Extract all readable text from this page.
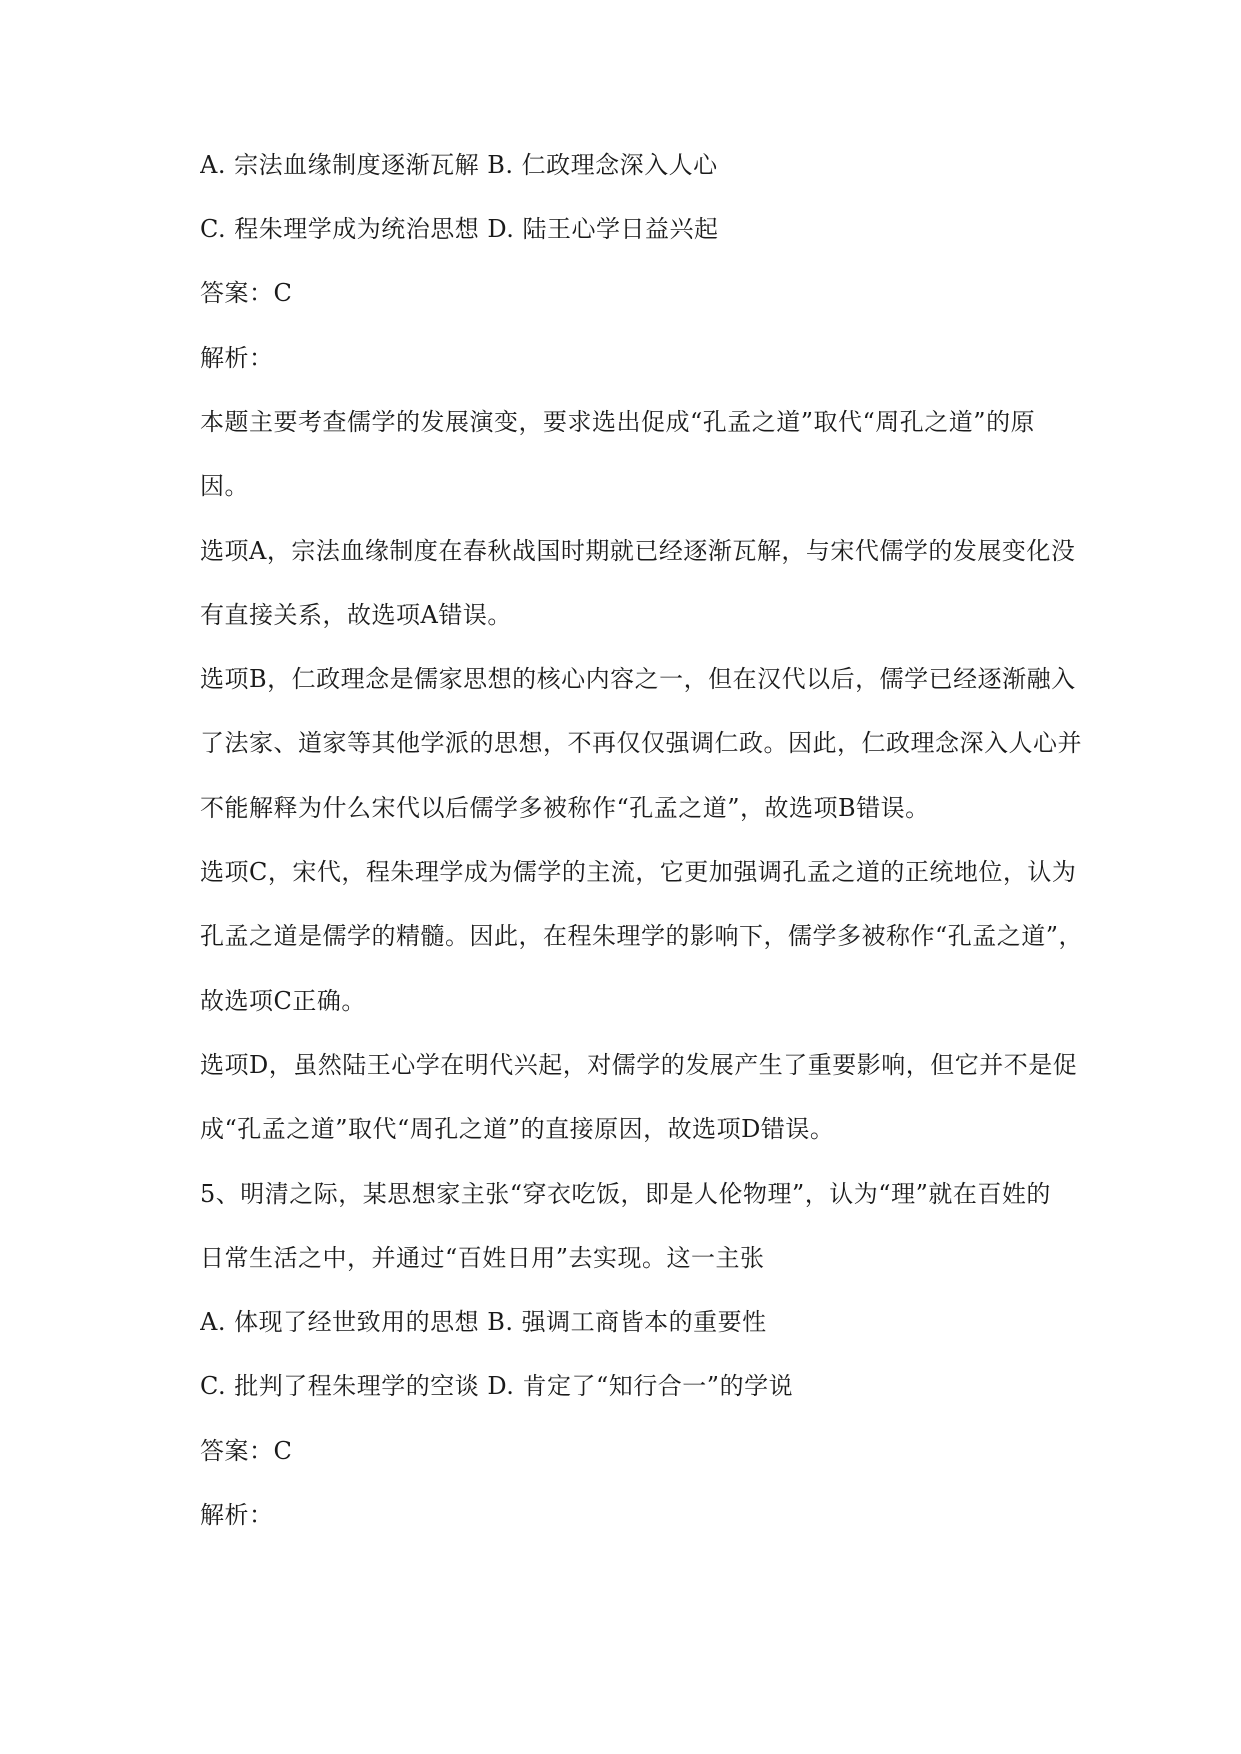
A. 宗法血缘制度逐渐瓦解 B. 仁政理念深入人心
C. 程朱理学成为统治思想 D. 陆王心学日益兴起
答案：C
解析：
本题主要考查儒学的发展演变，要求选出促成“孔孟之道”取代“周孔之道”的原
因。
选项A，宗法血缘制度在春秋战国时期就已经逐渐瓦解，与宋代儒学的发展变化没
有直接关系，故选项A错误。
选项B，仁政理念是儒家思想的核心内容之一，但在汉代以后，儒学已经逐渐融入
了法家、道家等其他学派的思想，不再仅仅强调仁政。因此，仁政理念深入人心并
不能解释为什么宋代以后儒学多被称作“孔孟之道”，故选项B错误。
选项C，宋代，程朱理学成为儒学的主流，它更加强调孔孟之道的正统地位，认为
孔孟之道是儒学的精髓。因此，在程朱理学的影响下，儒学多被称作“孔孟之道”，
故选项C正确。
选项D，虽然陆王心学在明代兴起，对儒学的发展产生了重要影响，但它并不是促
成“孔孟之道”取代“周孔之道”的直接原因，故选项D错误。
5、明清之际，某思想家主张“穿衣吃饭，即是人伦物理”，认为“理”就在百姓的
日常生活之中，并通过“百姓日用”去实现。这一主张
A. 体现了经世致用的思想 B. 强调工商皆本的重要性
C. 批判了程朱理学的空谈 D. 肯定了“知行合一”的学说
答案：C
解析：
